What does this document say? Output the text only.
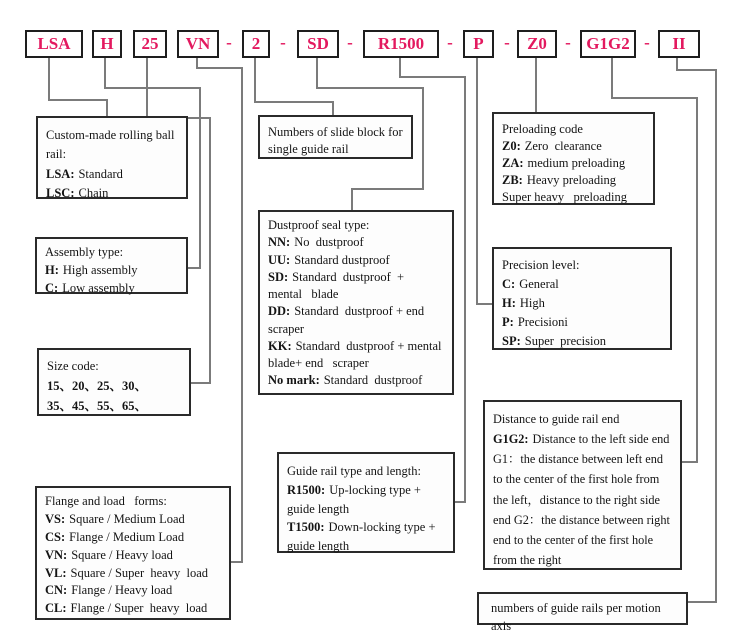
LSA	H	25	VN -	2	-	SD	-	R1500	-	P	-	Z0	- G1G2 -	II
Custom-made rolling ball rail:
LSA: Standard
LSC: Chain
Assembly type:
H: High assembly
C: Low assembly
Size code:
15、20、25、30、
35、45、55、65、
Flange and load   forms:
VS: Square / Medium Load
CS: Flange / Medium Load
VN: Square / Heavy load
VL: Square / Super  heavy  load
CN: Flange / Heavy load
CL: Flange / Super  heavy  load
Numbers of slide block for single guide rail
Dustproof seal type:
NN: No  dustproof
UU: Standard dustproof
SD: Standard  dustproof  +  mental   blade
DD: Standard  dustproof + end scraper
KK: Standard  dustproof + mental blade+ end   scraper
No mark: Standard  dustproof
Guide rail type and length:
R1500: Up-locking type + guide length
T1500: Down-locking type + guide length
Preloading code
Z0: Zero  clearance
ZA: medium preloading
ZB: Heavy preloading
Super heavy   preloading
Precision level:
C: General
H: High
P: Precisioni
SP: Super  precision
Distance to guide rail end G1G2: Distance to the left side end G1：the distance between left end to the center of the first hole from the left，distance to the right side end G2：the distance between right end to the center of the first hole from the right
numbers of guide rails per motion axis
